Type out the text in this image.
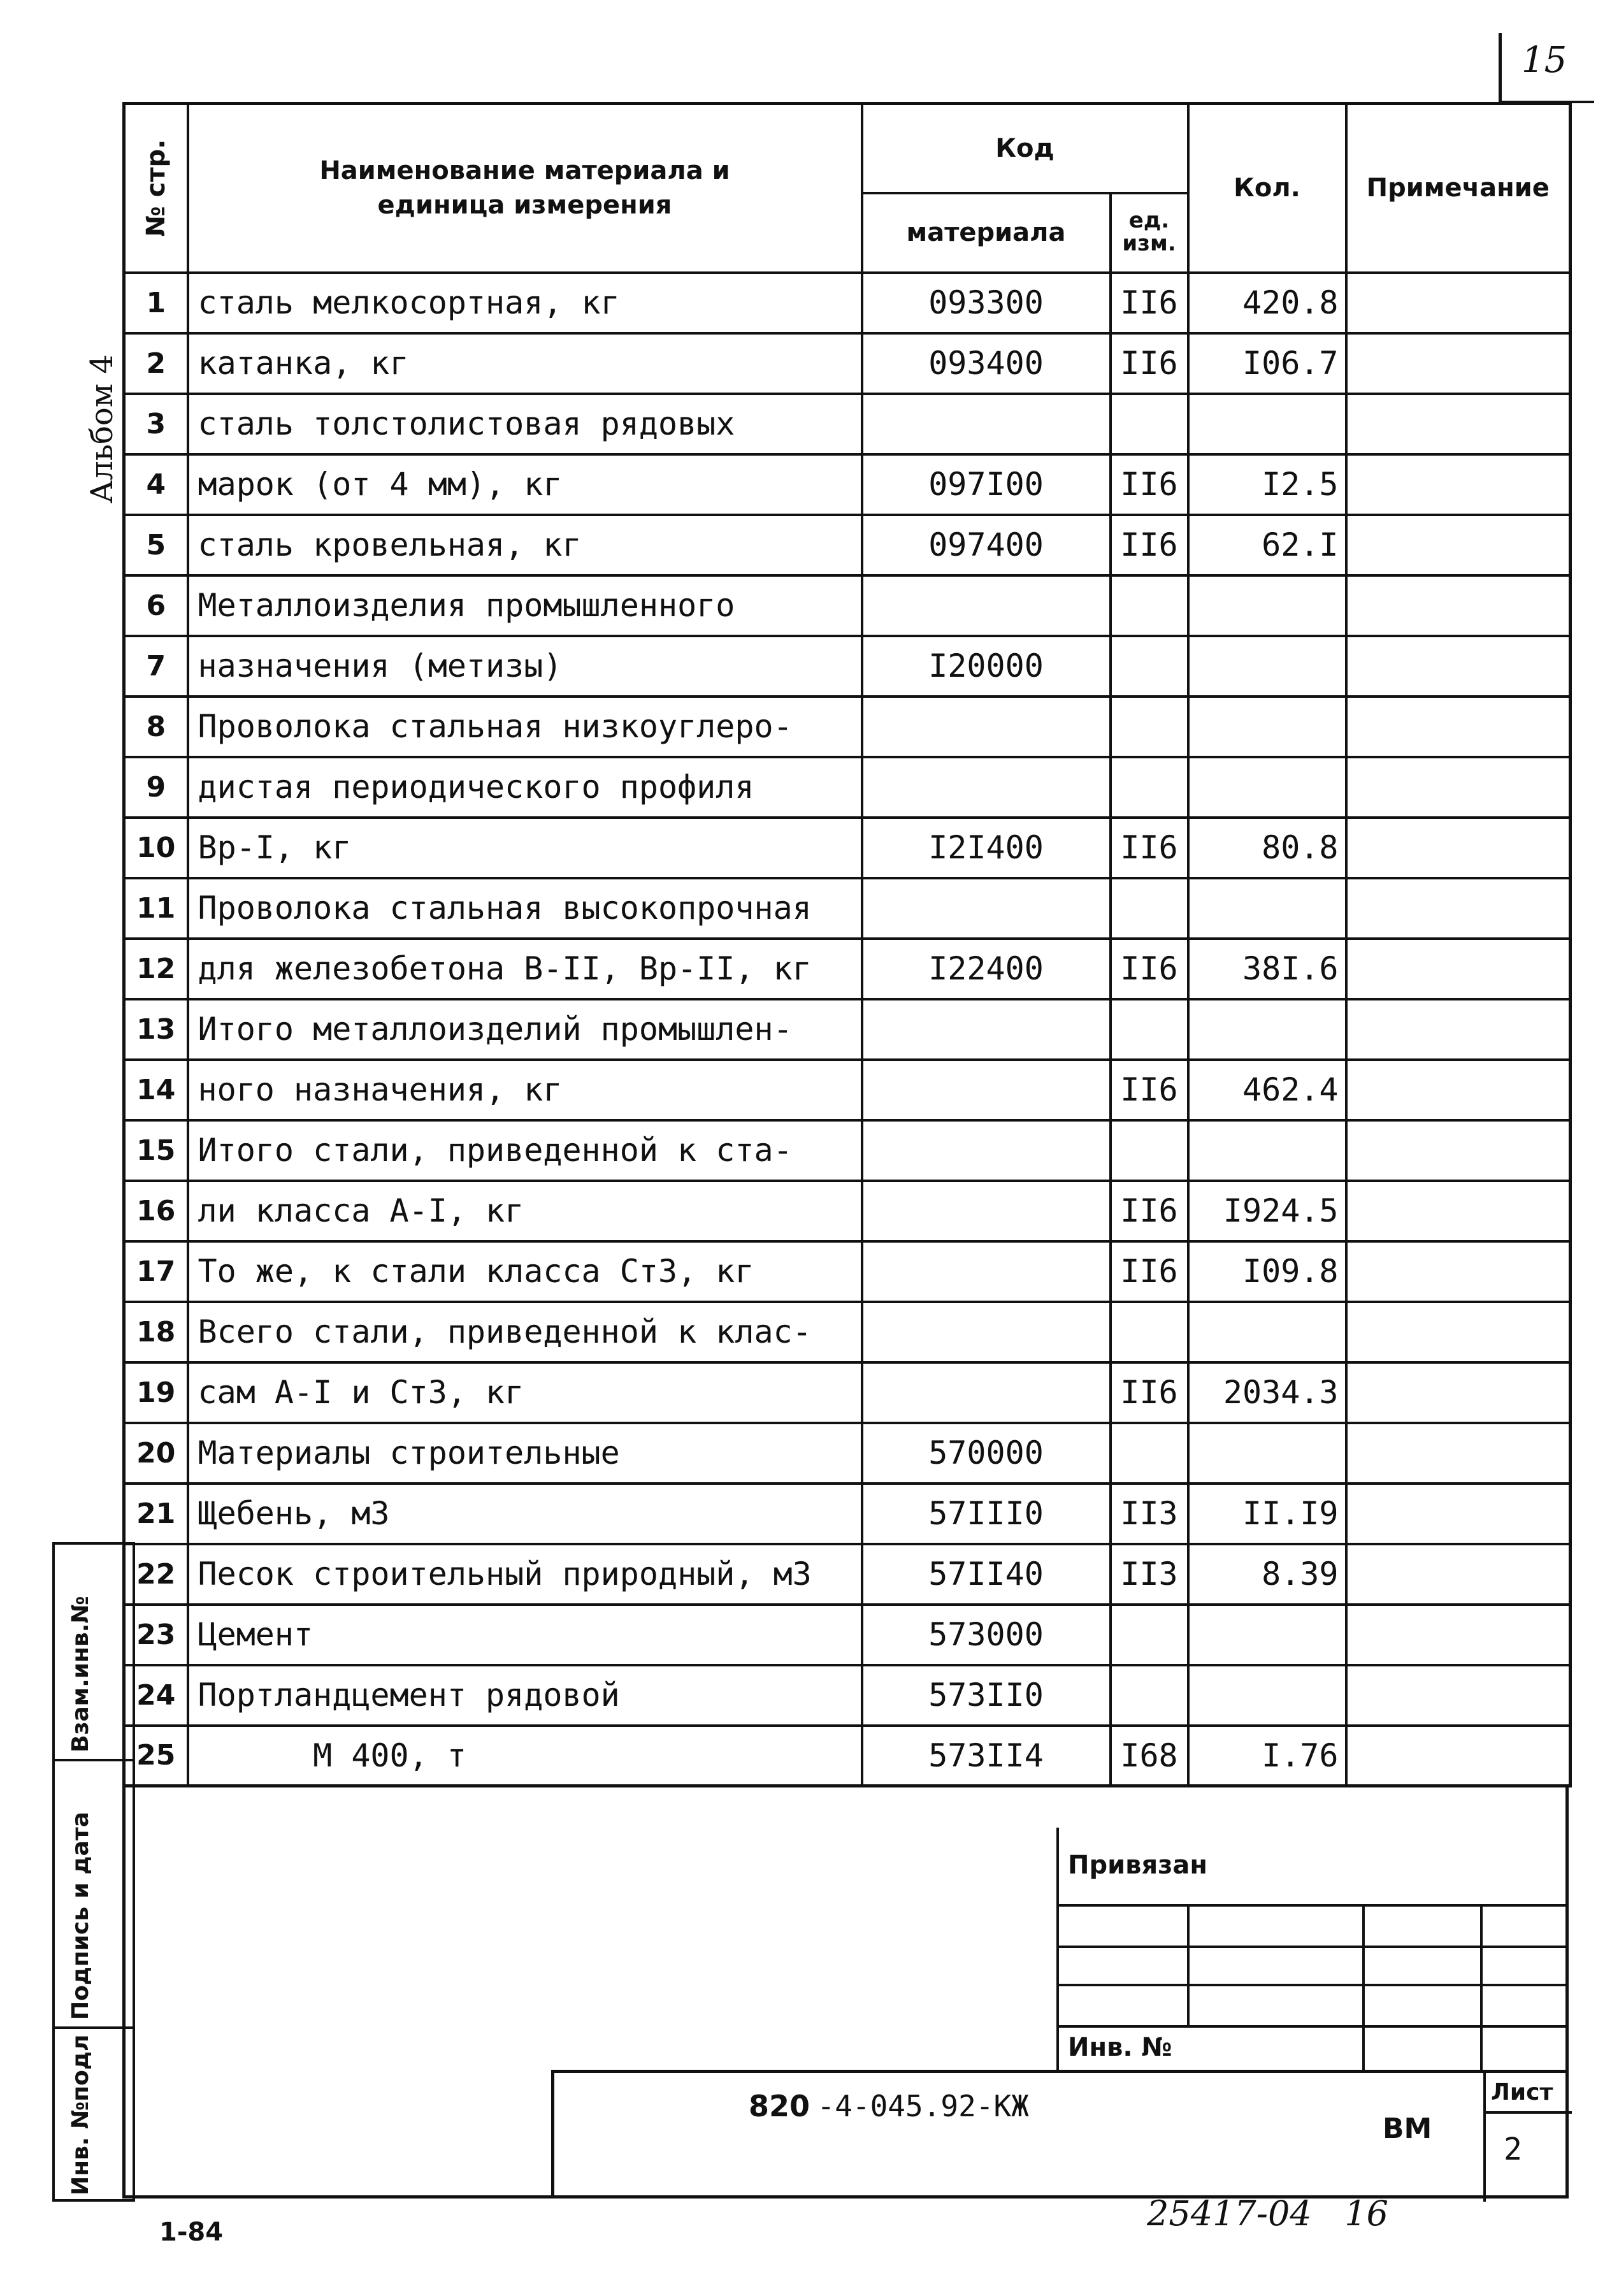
15
Альбом 4
Взам.инв.№
Подпись и дата
Инв. №подл
№ стр.	Наименование материала и единица измерения	Код		Кол.	Примечание
		материала	ед. изм.		
1	сталь мелкосортная, кг	093300	II6	420.8	
2	катанка, кг	093400	II6	I06.7	
3	сталь толстолистовая рядовых				
4	марок (от 4 мм), кг	097I00	II6	I2.5	
5	сталь кровельная, кг	097400	II6	62.I	
6	Металлоизделия промышленного				
7	назначения (метизы)	I20000			
8	Проволока стальная низкоуглеро-				
9	дистая периодического профиля				
10	Вр-I, кг	I2I400	II6	80.8	
11	Проволока стальная высокопрочная				
12	для железобетона В-II, Вр-II, кг	I22400	II6	38I.6	
13	Итого металлоизделий промышлен-				
14	ного назначения, кг		II6	462.4	
15	Итого стали, приведенной к ста-				
16	ли класса А-I, кг		II6	I924.5	
17	То же, к стали класса Ст3, кг		II6	I09.8	
18	Всего стали, приведенной к клас-				
19	сам А-I и Ст3, кг		II6	2034.3	
20	Материалы строительные	570000			
21	Щебень, м3	57III0	II3	II.I9	
22	Песок строительный природный, м3	57II40	II3	8.39	
23	Цемент	573000			
24	Портландцемент рядовой	573II0			
25	М 400, т	573II4	I68	I.76	
Привязан
Инв. №
Лист
2
ВМ
820 -4-045.92-КЖ
1-84	25417-04   16
